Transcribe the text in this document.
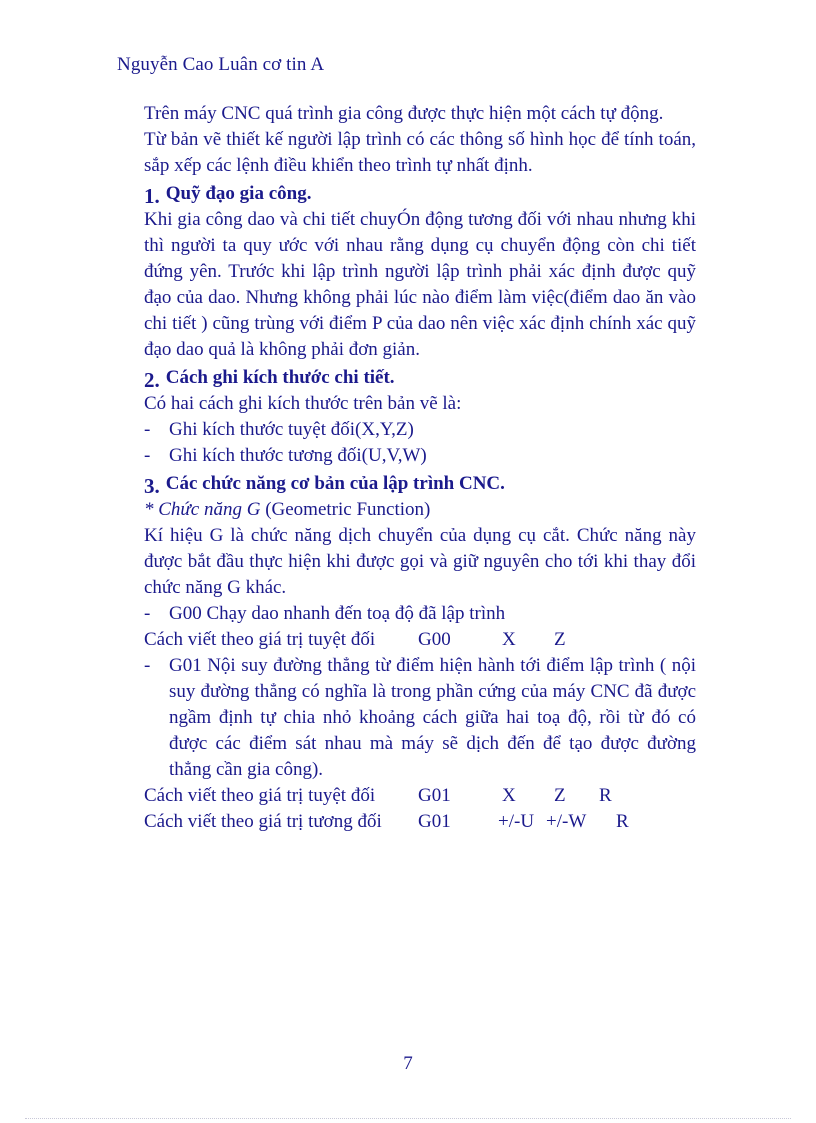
Nguyễn Cao Luân cơ tin A

Trên máy CNC quá trình gia công được thực hiện một cách tự động.

Từ bản vẽ thiết kế người lập trình có các thông số hình học để tính toán, sắp xếp các lệnh điều khiển theo trình tự nhất định.

1. Quỹ đạo gia công.

Khi gia công dao và chi tiết chuyÓn động tương đối với nhau nhưng khi thì người ta quy ước với nhau rằng dụng cụ chuyển động còn chi tiết đứng yên. Trước khi lập trình người lập trình phải xác định được quỹ đạo của dao. Nhưng không phải lúc nào điểm làm việc(điểm dao ăn vào chi tiết ) cũng trùng với điểm P của dao nên việc xác định chính xác quỹ đạo dao quả là không phải đơn giản.

2. Cách ghi kích thước chi tiết.

Có hai cách ghi kích thước trên bản vẽ là:

- Ghi kích thước tuyệt đối(X,Y,Z)

- Ghi kích thước tương đối(U,V,W)

3. Các chức năng cơ bản của lập trình CNC.

* Chức năng G (Geometric Function)

Kí hiệu G là chức năng dịch chuyển của dụng cụ cắt. Chức năng này được bắt đầu thực hiện khi được gọi và giữ nguyên cho tới khi thay đổi chức năng G khác.

- G00 Chạy dao nhanh đến toạ độ đã lập trình

Cách viết theo giá trị tuyệt đối	G00	X	Z

- G01 Nội suy đường thẳng từ điểm hiện hành tới điểm lập trình ( nội suy đường thẳng có nghĩa là trong phần cứng của máy CNC đã được ngầm định tự chia nhỏ khoảng cách giữa hai toạ độ, rồi từ đó có được các điểm sát nhau mà máy sẽ dịch đến để tạo được đường thẳng cần gia công).

Cách viết theo giá trị tuyệt đối	G01	X	Z	R

Cách viết theo giá trị tương đối	G01	+/-U +/-W	R

7
